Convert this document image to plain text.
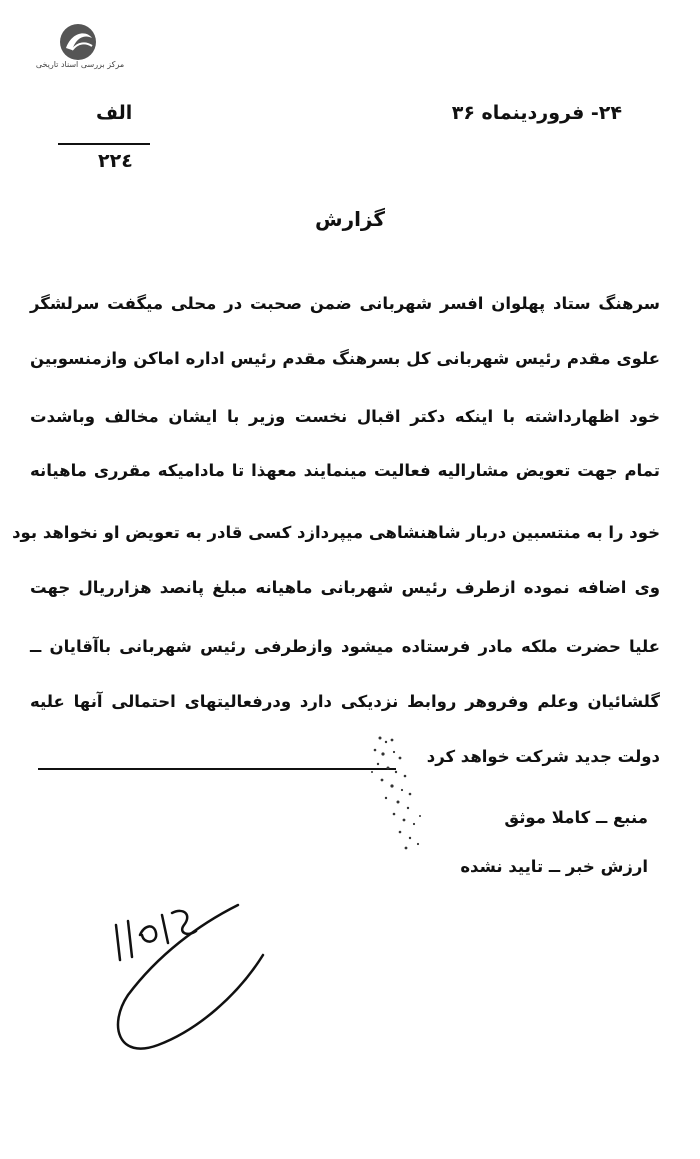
مرکز بررسی اسناد تاریخی
۲۴- فروردینماه ۳۶
الف
۲۲٤
گزارش
سرهنگ ستاد پهلوان افسر شهربانی ضمن صحبت در محلی میگفت سرلشگر
علوی مقدم رئیس شهربانی کل بسرهنگ مقدم رئیس اداره اماکن وازمنسوبین
خود اظهارداشته با اینکه دکتر اقبال نخست وزیر با ایشان مخالف وباشدت
تمام جهت تعویض مشارالیه فعالیت مینمایند معهذا تا مادامیکه مقرری ماهیانه
خود را به منتسبین دربار شاهنشاهی میپردازد کسی قادر به تعویض او نخواهد بود
وی اضافه نموده ازطرف رئیس شهربانی ماهیانه مبلغ پانصد هزارریال جهت
علیا حضرت ملکه مادر فرستاده میشود وازطرفی رئیس شهربانی باآقایان ــ
گلشائیان وعلم وفروهر روابط نزدیکی دارد ودرفعالیتهای احتمالی آنها علیه
دولت جدید شرکت خواهد کرد
منبع ــ کاملا موثق
ارزش خبر ــ تایید نشده
